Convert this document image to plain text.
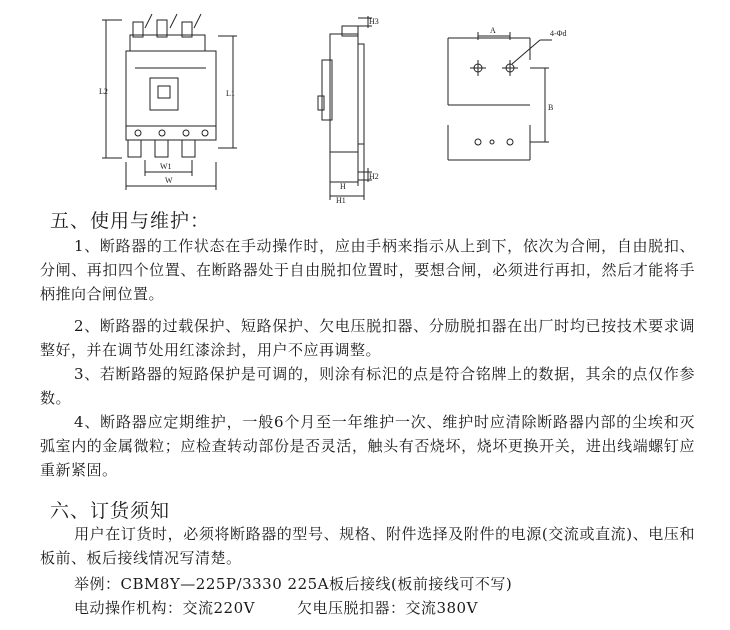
L2	L1
W1
W
H3
H2
H
H1
A
B
4-Φd
五、使用与维护：
1、断路器的工作状态在手动操作时，应由手柄来指示从上到下，依次为合闸，自由脱扣、分闸、再扣四个位置、在断路器处于自由脱扣位置时，要想合闸，必须进行再扣，然后才能将手柄推向合闸位置。
2、断路器的过载保护、短路保护、欠电压脱扣器、分励脱扣器在出厂时均已按技术要求调整好，并在调节处用红漆涂封，用户不应再调整。
3、若断路器的短路保护是可调的，则涂有标汜的点是符合铭牌上的数据，其余的点仅作参数。
4、断路器应定期维护，一般6个月至一年维护一次、维护时应清除断路器内部的尘埃和灭弧室内的金属微粒；应检查转动部份是否灵活，触头有否烧坏，烧坏更换开关，进出线端螺钉应重新紧固。
六、订货须知
用户在订货时，必须将断路器的型号、规格、附件选择及附件的电源(交流或直流)、电压和板前、板后接线情况写清楚。
举例：CBM8Y—225P/3330 225A板后接线(板前接线可不写)
电动操作机构：交流220V	欠电压脱扣器：交流380V
